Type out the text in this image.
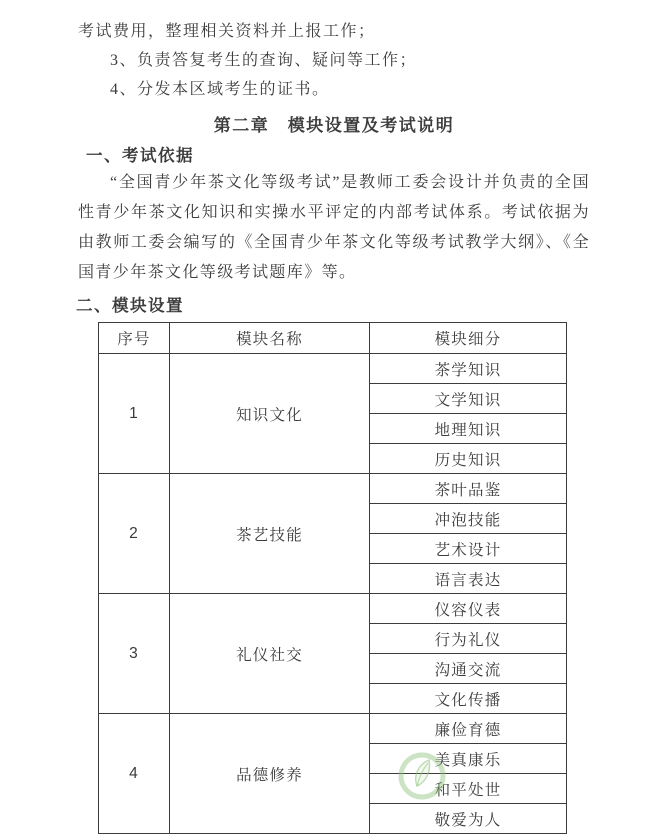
考试费用，整理相关资料并上报工作；

3、负责答复考生的查询、疑问等工作；

4、分发本区域考生的证书。

第二章　模块设置及考试说明
一、考试依据

“全国青少年茶文化等级考试”是教师工委会设计并负责的全国性青少年茶文化知识和实操水平评定的内部考试体系。考试依据为由教师工委会编写的《全国青少年茶文化等级考试教学大纲》、《全国青少年茶文化等级考试题库》等。

二、模块设置
序号	模块名称	模块细分
1	知识文化	茶学知识
		文学知识
		地理知识
		历史知识
2	茶艺技能	茶叶品鉴
		冲泡技能
		艺术设计
		语言表达
3	礼仪社交	仪容仪表
		行为礼仪
		沟通交流
		文化传播
4	品德修养	廉俭育德
		美真康乐
		和平处世
		敬爱为人
